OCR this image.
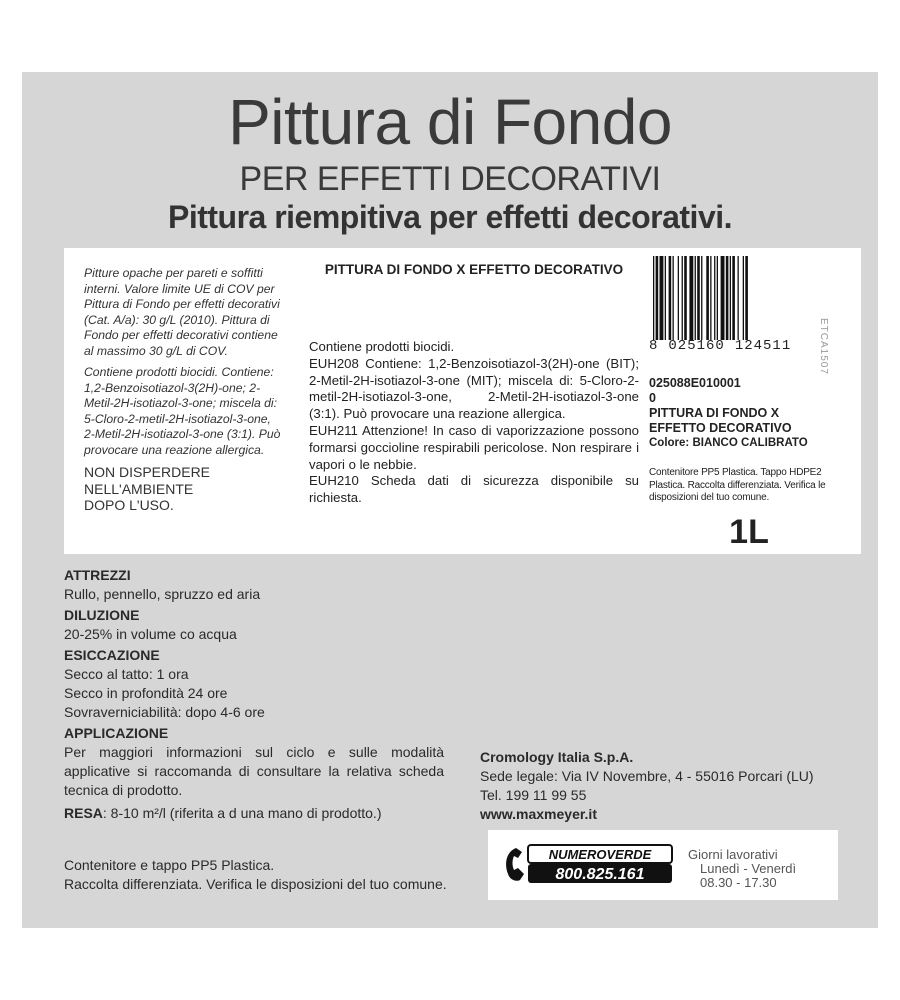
Pittura di Fondo
PER EFFETTI DECORATIVI
Pittura riempitiva per effetti decorativi.

Pitture opache per pareti e soffitti interni. Valore limite UE di COV per Pittura di Fondo per effetti decorativi (Cat. A/a): 30 g/L (2010). Pittura di Fondo per effetti decorativi contiene al massimo 30 g/L di COV.

Contiene prodotti biocidi. Contiene: 1,2-Benzoisotiazol-3(2H)-one; 2-Metil-2H-isotiazol-3-one; miscela di: 5-Cloro-2-metil-2H-isotiazol-3-one, 2-Metil-2H-isotiazol-3-one (3:1). Può provocare una reazione allergica.

NON DISPERDERE
NELL'AMBIENTE
DOPO L'USO.
PITTURA DI FONDO X EFFETTO DECORATIVO
Contiene prodotti biocidi.
EUH208 Contiene: 1,2-Benzoisotiazol-3(2H)-one (BIT); 2-Metil-2H-isotiazol-3-one (MIT); miscela di: 5-Cloro-2-metil-2H-isotiazol-3-one, 2-Metil-2H-isotiazol-3-one (3:1). Può provocare una reazione allergica.
EUH211 Attenzione! In caso di vaporizzazione possono formarsi goccioline respirabili pericolose. Non respirare i vapori o le nebbie.
EUH210 Scheda dati di sicurezza disponibile su richiesta.
ETCA1507
8 025160 124511
025088E010001
0
PITTURA DI FONDO X
EFFETTO DECORATIVO
Colore: BIANCO CALIBRATO
Contenitore PP5 Plastica. Tappo HDPE2 Plastica. Raccolta differenziata. Verifica le disposizioni del tuo comune.
1L
ATTREZZI
Rullo, pennello, spruzzo ed aria
DILUZIONE
20-25% in volume co acqua
ESICCAZIONE
Secco al tatto: 1 ora
Secco in profondità 24 ore
Sovraverniciabilità: dopo 4-6 ore
APPLICAZIONE
Per maggiori informazioni sul ciclo e sulle modalità applicative si raccomanda di consultare la relativa scheda tecnica di prodotto.
RESA: 8-10 m²/l (riferita a d una mano di prodotto.)
Cromology Italia S.p.A.
Sede legale: Via IV Novembre, 4 - 55016 Porcari (LU)
Tel. 199 11 99 55
www.maxmeyer.it
Contenitore e tappo PP5 Plastica.
Raccolta differenziata. Verifica le disposizioni del tuo comune.
NUMEROVERDE
800.825.161
Giorni lavorativi
Lunedì - Venerdì
08.30 - 17.30
